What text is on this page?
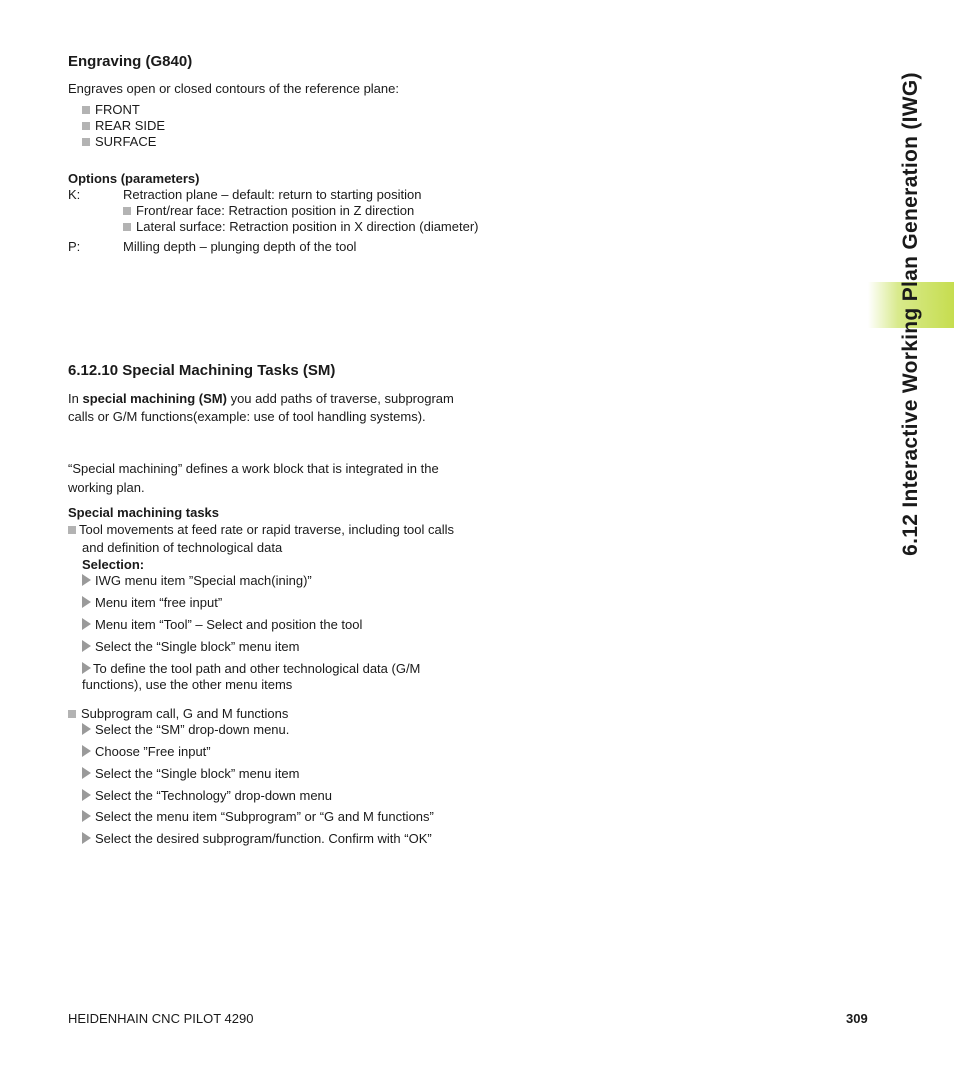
Engraving (G840)
Engraves open or closed contours of the reference plane:
FRONT
REAR SIDE
SURFACE
Options (parameters)
K:	Retraction plane – default: return to starting position
Front/rear face: Retraction position in Z direction
Lateral surface: Retraction position in X direction (diameter)
P:	Milling depth – plunging depth of the tool
6.12.10 Special Machining Tasks (SM)
In special machining (SM) you add paths of traverse, subprogram
calls or G/M functions(example: use of tool handling systems).
“Special machining” defines a work block that is integrated in the
working plan.
Special machining tasks
Tool movements at feed rate or rapid traverse, including tool calls
and definition of technological data
Selection:
IWG menu item ”Special mach(ining)”
Menu item “free input”
Menu item “Tool” – Select and position the tool
Select the “Single block” menu item
To define the tool path and other technological data (G/M
functions), use the other menu items
Subprogram call, G and M functions
Select the “SM” drop-down menu.
Choose ”Free input”
Select the “Single block” menu item
Select the “Technology” drop-down menu
Select the menu item “Subprogram” or “G and M functions”
Select the desired subprogram/function. Confirm with “OK”
6.12 Interactive Working Plan Generation (IWG)
HEIDENHAIN CNC PILOT 4290	309
